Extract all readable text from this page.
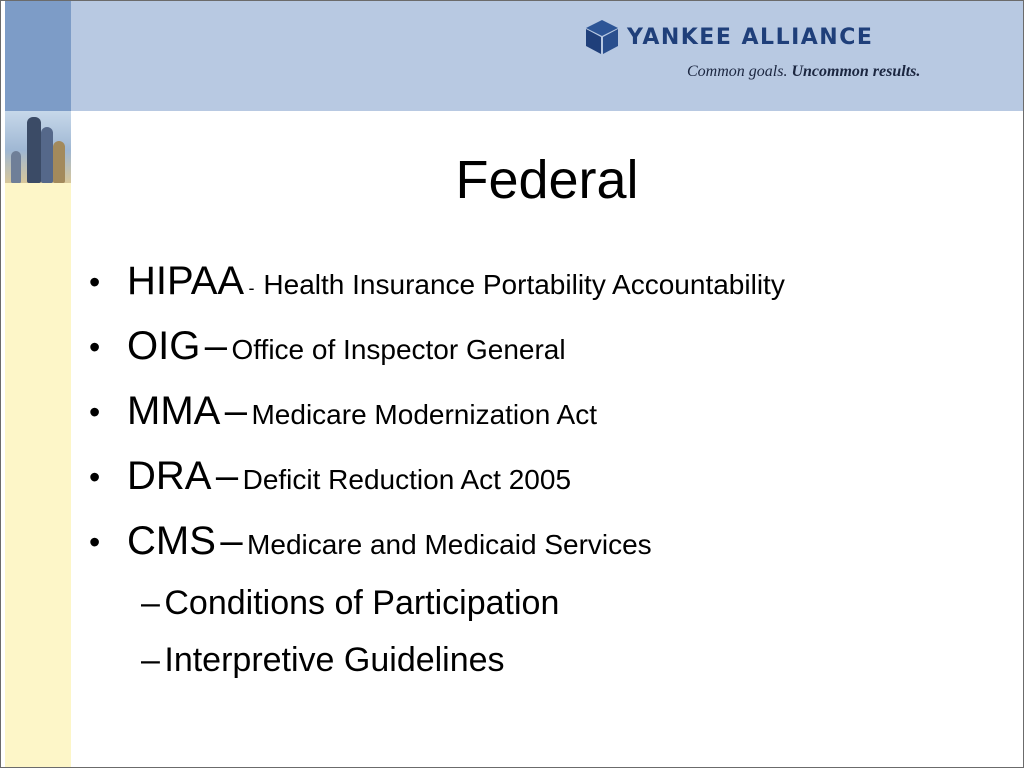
YANKEE ALLIANCE
Common goals. Uncommon results.
Federal
• HIPAA - Health Insurance Portability Accountability
• OIG – Office of Inspector General
• MMA – Medicare Modernization Act
• DRA – Deficit Reduction Act 2005
• CMS – Medicare and Medicaid Services
– Conditions of Participation
– Interpretive Guidelines
